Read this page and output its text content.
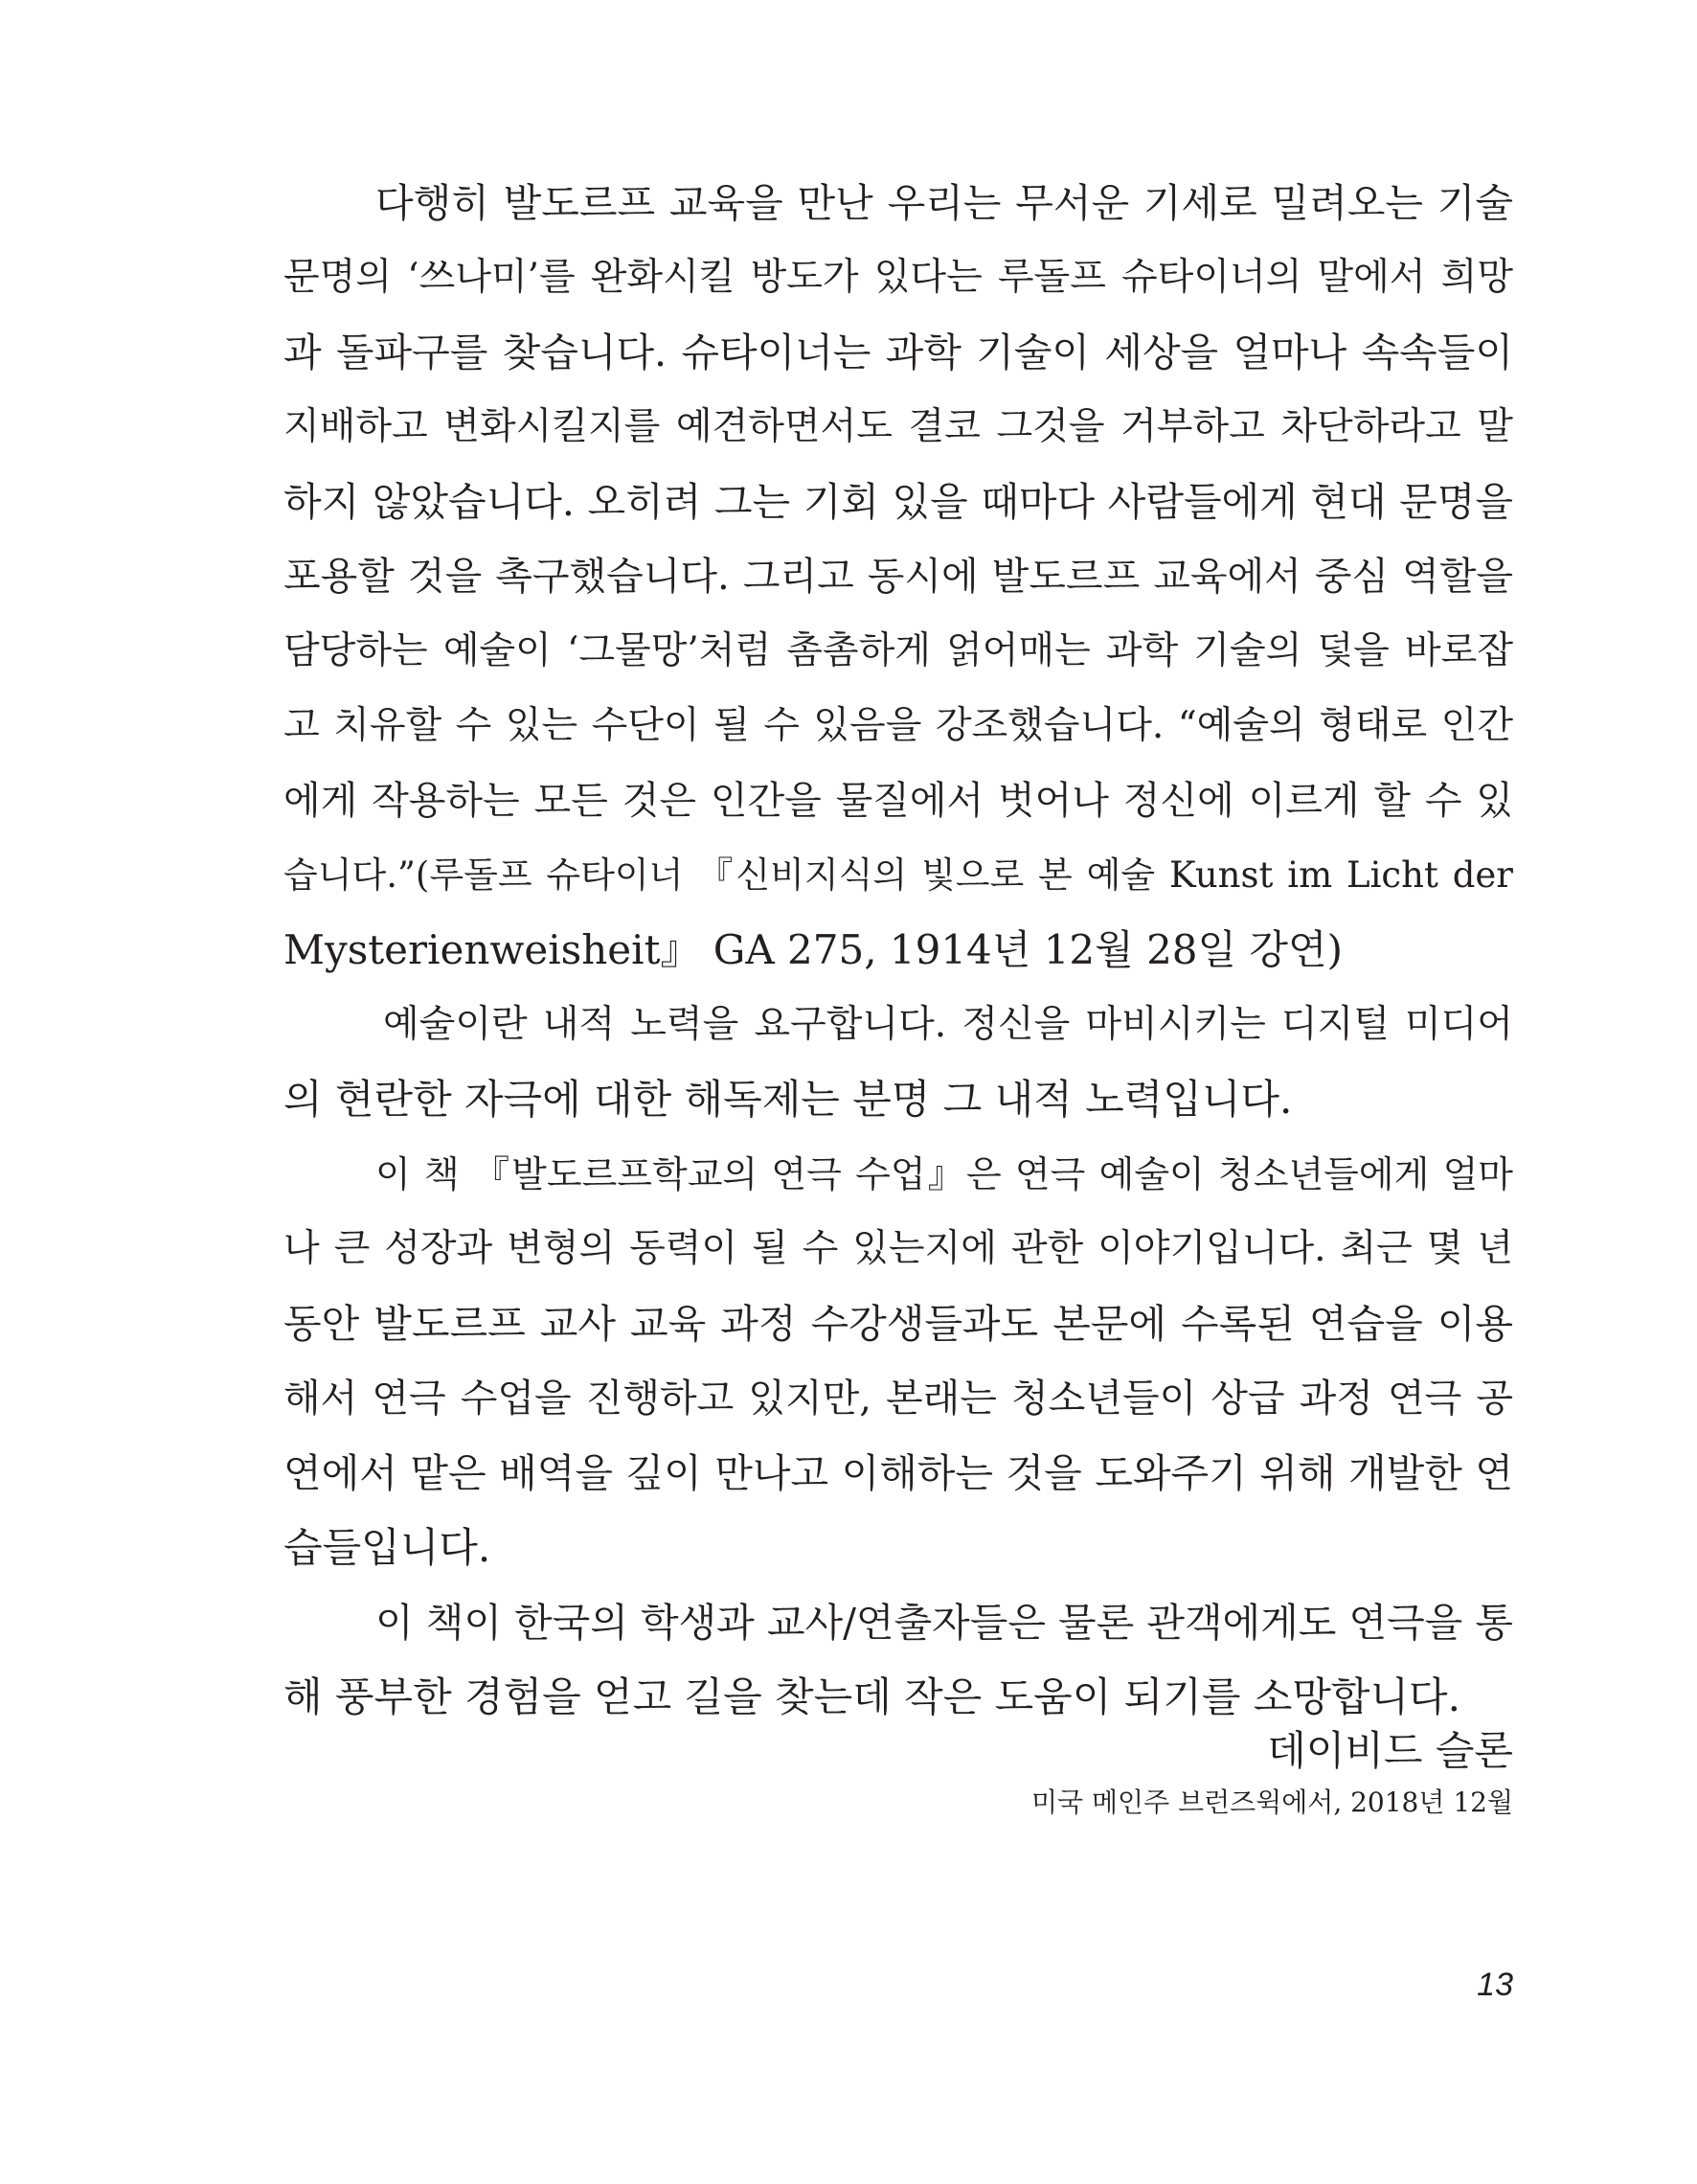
다행히 발도르프 교육을 만난 우리는 무서운 기세로 밀려오는 기술
문명의 ‘쓰나미’를 완화시킬 방도가 있다는 루돌프 슈타이너의 말에서 희망
과 돌파구를 찾습니다. 슈타이너는 과학 기술이 세상을 얼마나 속속들이
지배하고 변화시킬지를 예견하면서도 결코 그것을 거부하고 차단하라고 말
하지 않았습니다. 오히려 그는 기회 있을 때마다 사람들에게 현대 문명을
포용할 것을 촉구했습니다. 그리고 동시에 발도르프 교육에서 중심 역할을
담당하는 예술이 ‘그물망’처럼 촘촘하게 얽어매는 과학 기술의 덫을 바로잡
고 치유할 수 있는 수단이 될 수 있음을 강조했습니다. “예술의 형태로 인간
에게 작용하는 모든 것은 인간을 물질에서 벗어나 정신에 이르게 할 수 있
습니다.”(루돌프 슈타이너 『신비지식의 빛으로 본 예술 Kunst im Licht der
Mysterienweisheit』 GA 275, 1914년 12월 28일 강연)
예술이란 내적 노력을 요구합니다. 정신을 마비시키는 디지털 미디어
의 현란한 자극에 대한 해독제는 분명 그 내적 노력입니다.
이 책 『발도르프학교의 연극 수업』은 연극 예술이 청소년들에게 얼마
나 큰 성장과 변형의 동력이 될 수 있는지에 관한 이야기입니다. 최근 몇 년
동안 발도르프 교사 교육 과정 수강생들과도 본문에 수록된 연습을 이용
해서 연극 수업을 진행하고 있지만, 본래는 청소년들이 상급 과정 연극 공
연에서 맡은 배역을 깊이 만나고 이해하는 것을 도와주기 위해 개발한 연
습들입니다.
이 책이 한국의 학생과 교사/연출자들은 물론 관객에게도 연극을 통
해 풍부한 경험을 얻고 길을 찾는데 작은 도움이 되기를 소망합니다.
데이비드 슬론
미국 메인주 브런즈윅에서, 2018년 12월
13
